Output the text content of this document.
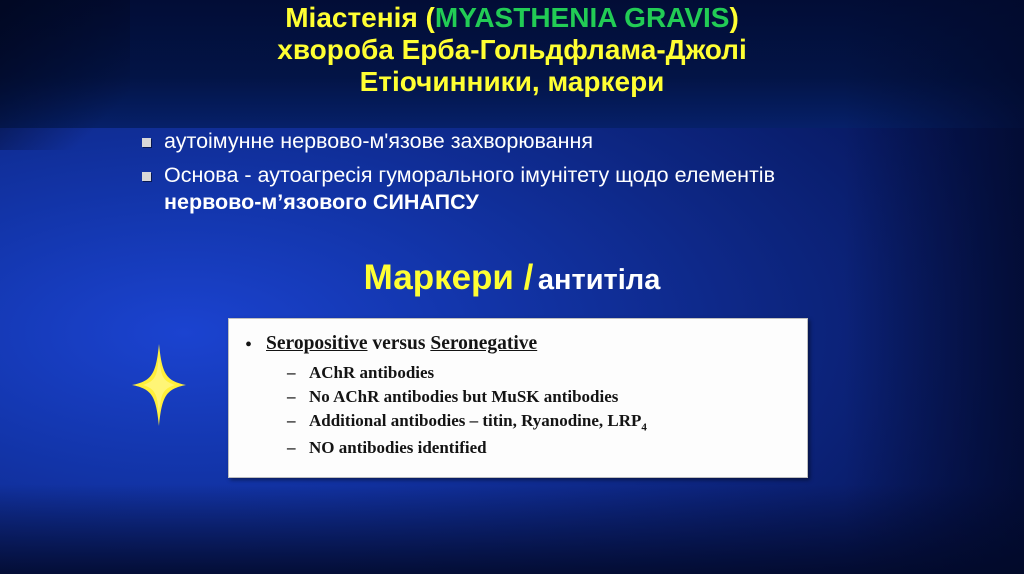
Міастенія (MYASTHENIA GRAVIS)
хвороба Ерба-Гольдфлама-Джолі
Етіочинники, маркери
аутоімунне нервово-м'язове захворювання
Основа - аутоагресія гуморального імунітету щодо елементів нервово-м’язового СИНАПСУ
Маркери / антитіла
• Seropositive versus Seronegative
– AChR antibodies
– No AChR antibodies but MuSK antibodies
– Additional antibodies – titin, Ryanodine, $LRP_4$
– NO antibodies identified
